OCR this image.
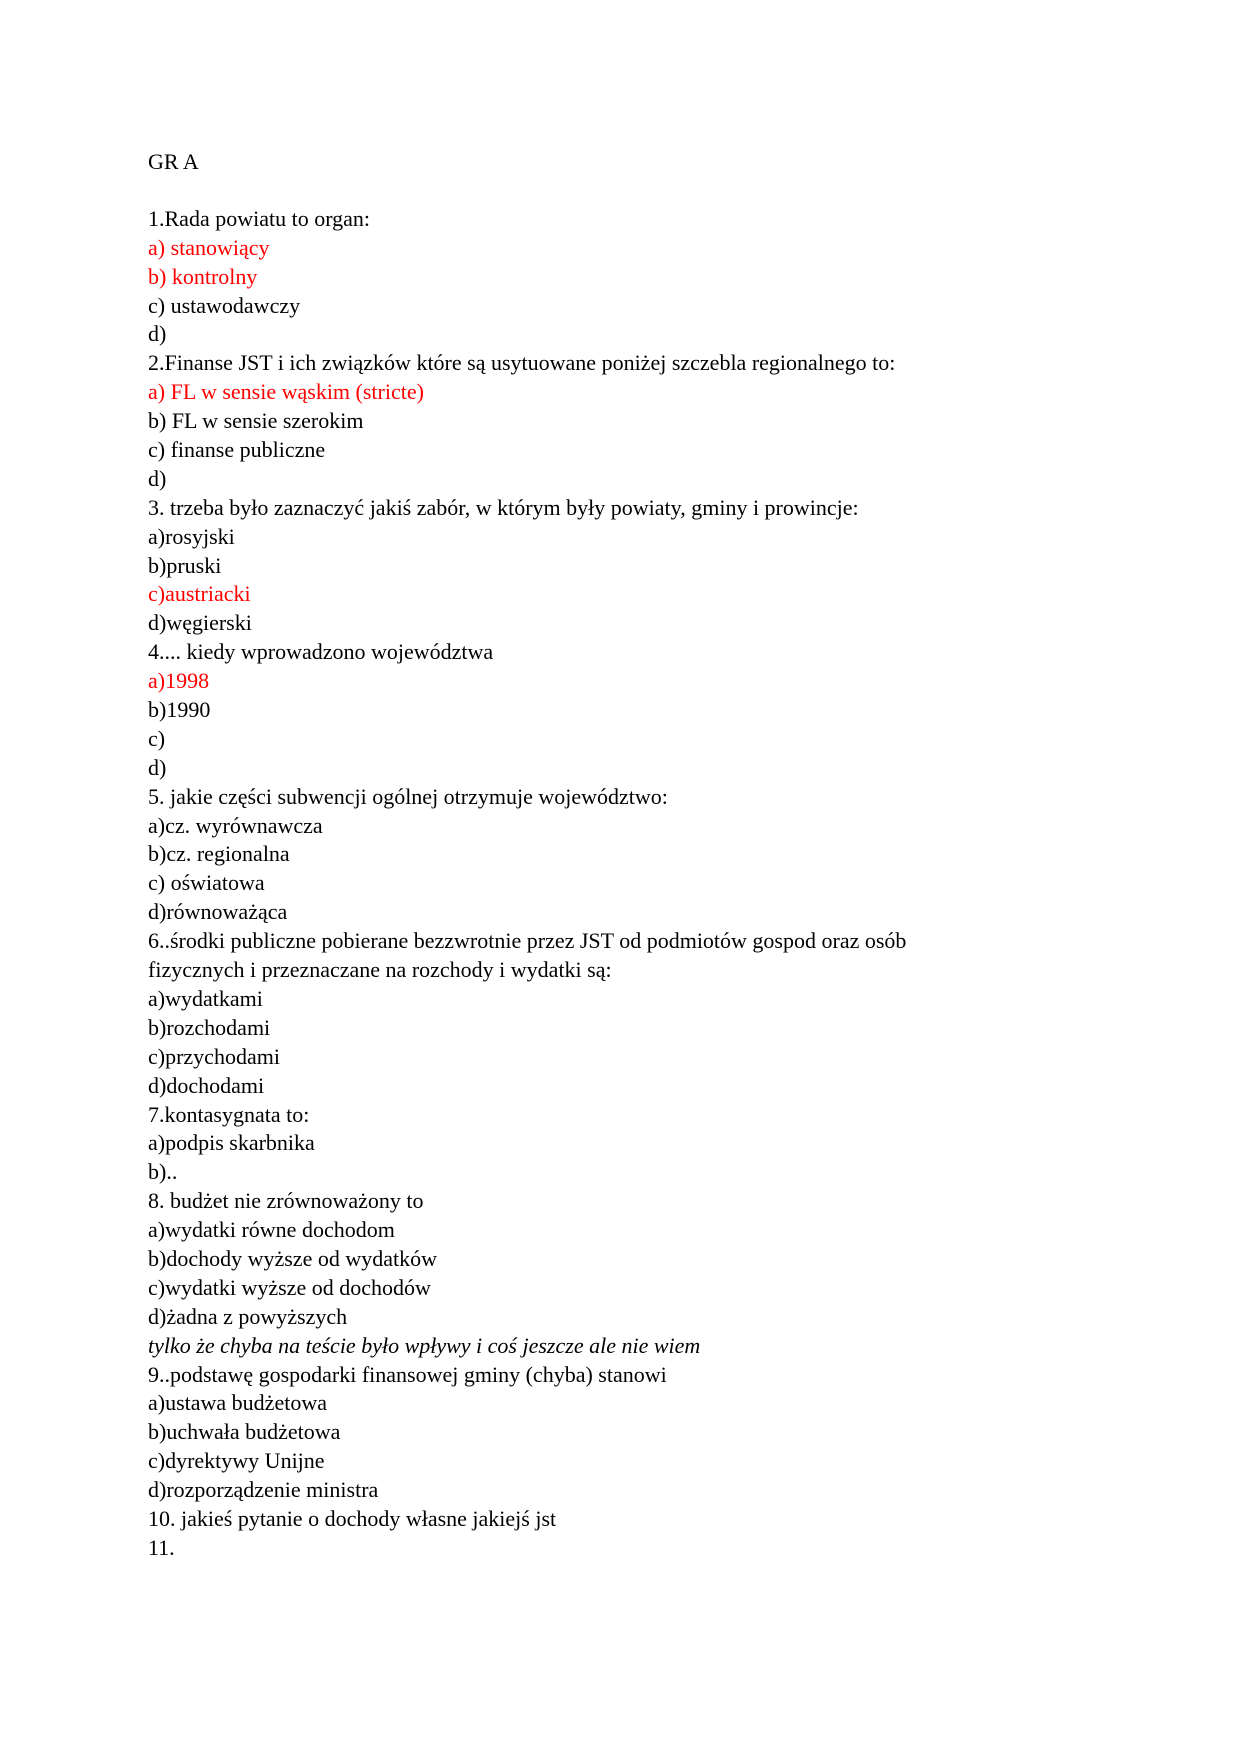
GR A
1.Rada powiatu to organ:
a) stanowiący
b) kontrolny
c) ustawodawczy
d)
2.Finanse JST i ich związków które są usytuowane poniżej szczebla regionalnego to:
a) FL w sensie wąskim (stricte)
b) FL w sensie szerokim
c) finanse publiczne
d)
3. trzeba było zaznaczyć jakiś zabór, w którym były powiaty, gminy i prowincje:
a)rosyjski
b)pruski
c)austriacki
d)węgierski
4.... kiedy wprowadzono województwa
a)1998
b)1990
c)
d)
5. jakie części subwencji ogólnej otrzymuje województwo:
a)cz. wyrównawcza
b)cz. regionalna
c) oświatowa
d)równoważąca
6..środki publiczne pobierane bezzwrotnie przez JST od podmiotów gospod oraz osób
fizycznych i przeznaczane na rozchody i wydatki są:
a)wydatkami
b)rozchodami
c)przychodami
d)dochodami
7.kontasygnata to:
a)podpis skarbnika
b)..
8. budżet nie zrównoważony to
a)wydatki równe dochodom
b)dochody wyższe od wydatków
c)wydatki wyższe od dochodów
d)żadna z powyższych
tylko że chyba na teście było wpływy i coś jeszcze ale nie wiem
9..podstawę gospodarki finansowej gminy (chyba) stanowi
a)ustawa budżetowa
b)uchwała budżetowa
c)dyrektywy Unijne
d)rozporządzenie ministra
10. jakieś pytanie o dochody własne jakiejś jst
11.
